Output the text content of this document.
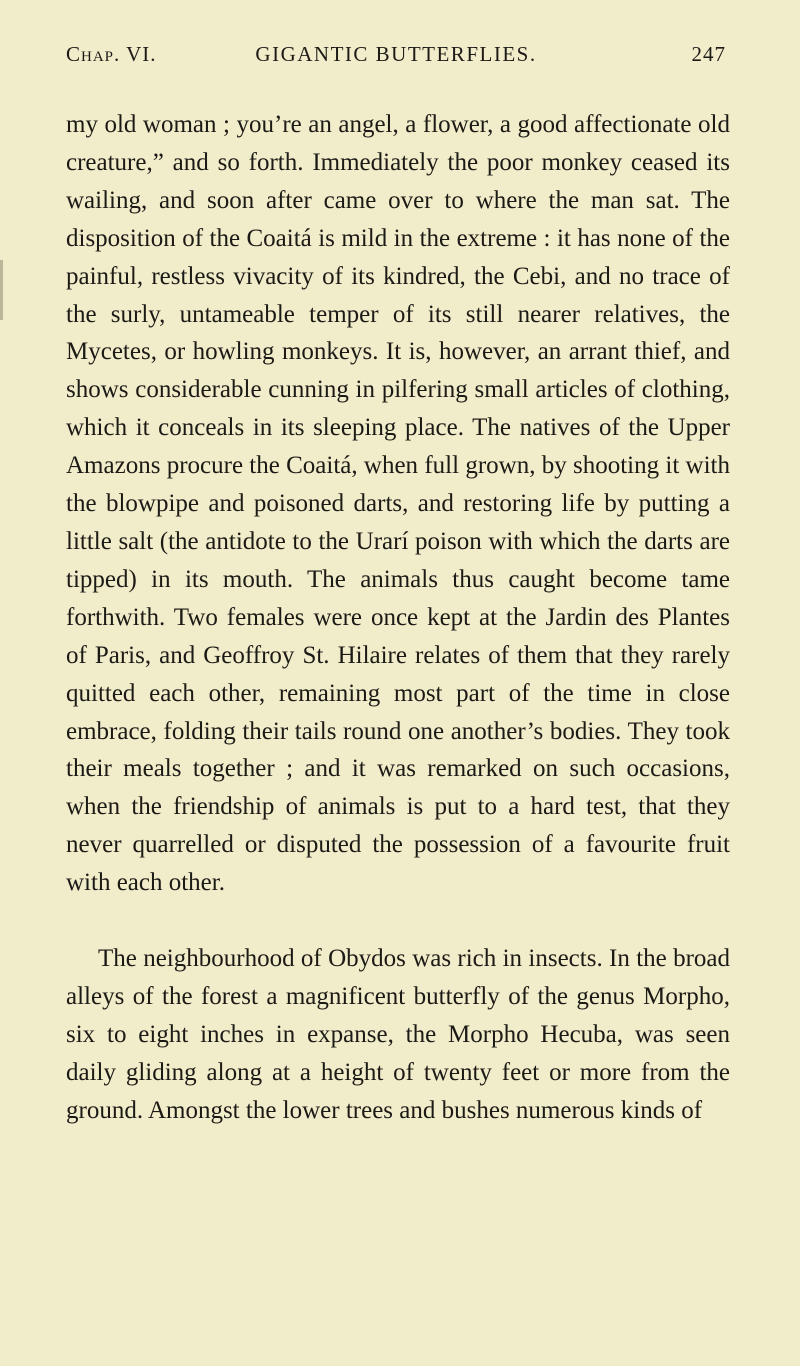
Chap. VI.	GIGANTIC BUTTERFLIES.	247

my old woman ; you’re an angel, a flower, a good affectionate old creature,” and so forth. Immediately the poor monkey ceased its wailing, and soon after came over to where the man sat. The disposition of the Coaitá is mild in the extreme : it has none of the painful, restless vivacity of its kindred, the Cebi, and no trace of the surly, untameable temper of its still nearer relatives, the Mycetes, or howling monkeys. It is, however, an arrant thief, and shows considerable cunning in pilfering small articles of clothing, which it conceals in its sleeping place. The natives of the Upper Amazons procure the Coaitá, when full grown, by shooting it with the blowpipe and poisoned darts, and restoring life by putting a little salt (the antidote to the Urarí poison with which the darts are tipped) in its mouth. The animals thus caught become tame forthwith. Two females were once kept at the Jardin des Plantes of Paris, and Geoffroy St. Hilaire relates of them that they rarely quitted each other, remaining most part of the time in close embrace, folding their tails round one another’s bodies. They took their meals together ; and it was remarked on such occasions, when the friendship of animals is put to a hard test, that they never quarrelled or disputed the possession of a favourite fruit with each other.

The neighbourhood of Obydos was rich in insects. In the broad alleys of the forest a magnificent butterfly of the genus Morpho, six to eight inches in expanse, the Morpho Hecuba, was seen daily gliding along at a height of twenty feet or more from the ground. Amongst the lower trees and bushes numerous kinds of
